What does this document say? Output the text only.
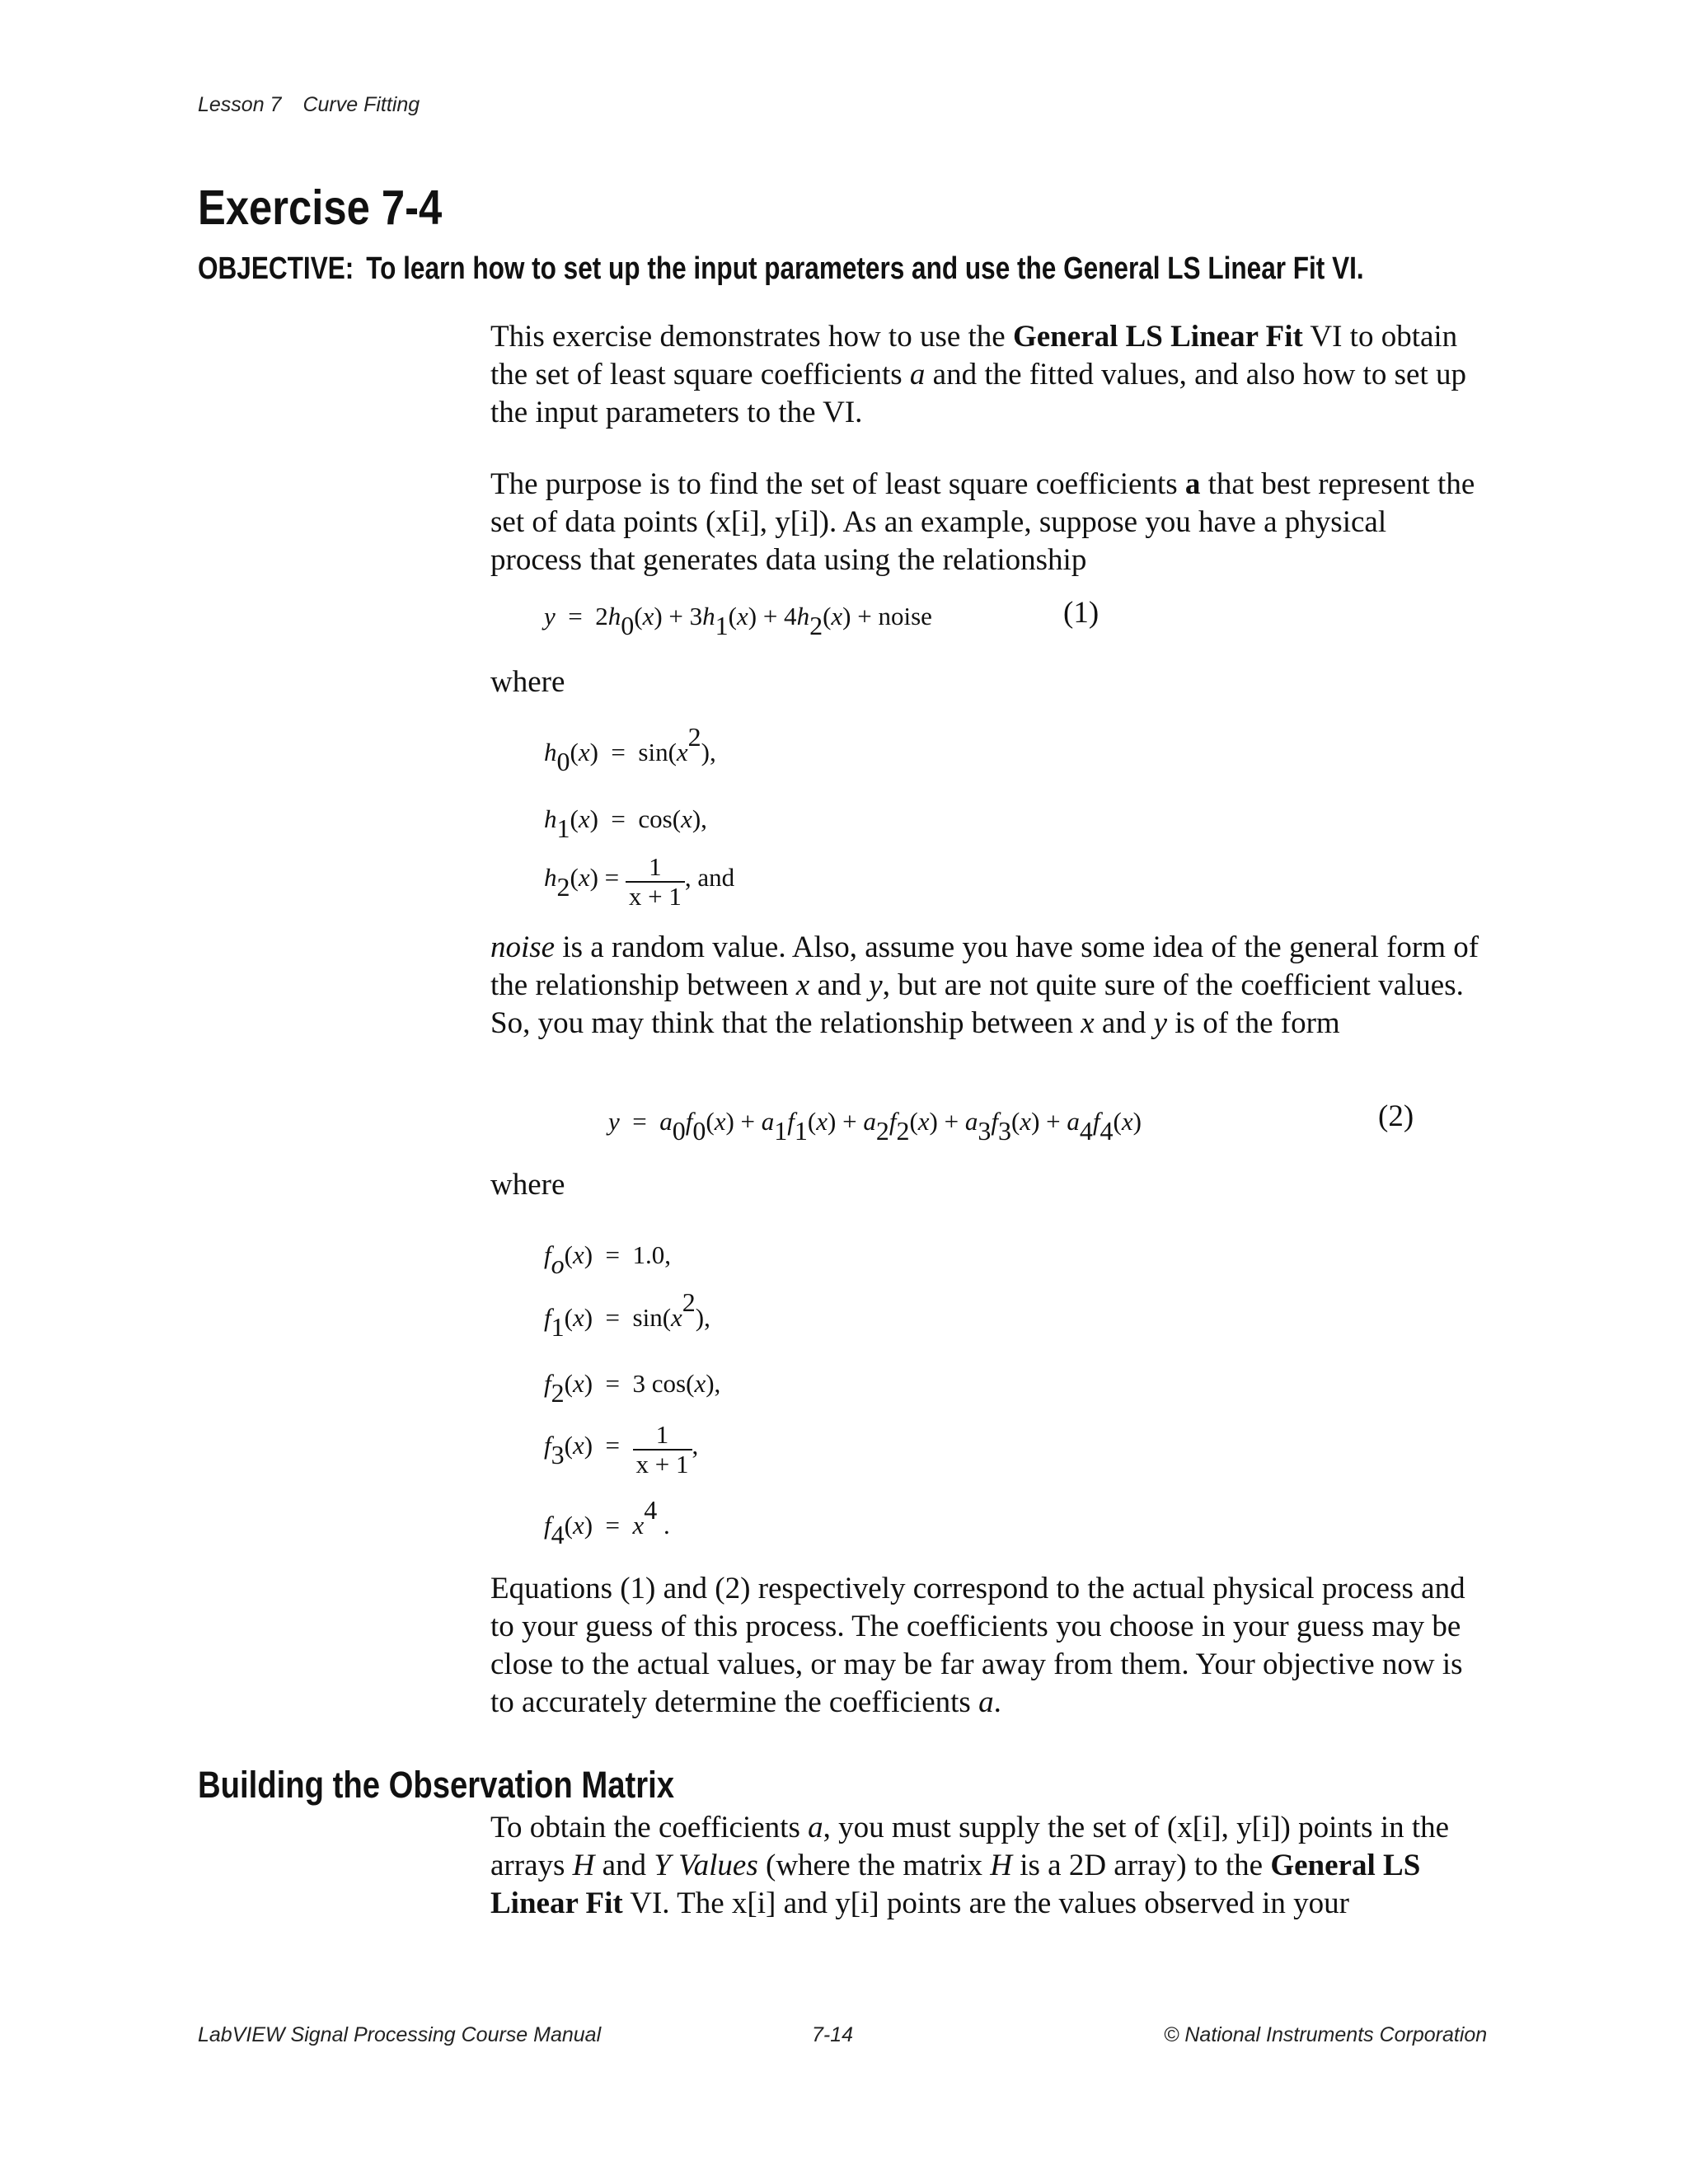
Lesson 7 Curve Fitting
Exercise 7-4
OBJECTIVE: To learn how to set up the input parameters and use the General LS Linear Fit VI.

This exercise demonstrates how to use the General LS Linear Fit VI to obtain the set of least square coefficients a and the fitted values, and also how to set up the input parameters to the VI.

The purpose is to find the set of least square coefficients a that best represent the set of data points (x[i], y[i]). As an example, suppose you have a physical process that generates data using the relationship

y = 2h0(x) + 3h1(x) + 4h2(x) + noise	(1)

where

h0(x)  =  sin(x2),
h1(x)  =  cos(x),
$h2(x) = \frac{1}{x + 1}$ , and

noise is a random value. Also, assume you have some idea of the general form of the relationship between x and y, but are not quite sure of the coefficient values. So, you may think that the relationship between x and y is of the form

y = a0f0(x) + a1f1(x) + a2f2(x) + a3f3(x) + a4f4(x)	(2)

where

fo(x)  =  1.0,
f1(x)  =  sin(x2),
f2(x)  =  3 cos(x),
$f3(x) = \frac{1}{x + 1}$ ,
f4(x)  =  x4 .

Equations (1) and (2) respectively correspond to the actual physical process and to your guess of this process. The coefficients you choose in your guess may be close to the actual values, or may be far away from them. Your objective now is to accurately determine the coefficients a.

Building the Observation Matrix

To obtain the coefficients a, you must supply the set of (x[i], y[i]) points in the arrays H and Y Values (where the matrix H is a 2D array) to the General LS Linear Fit VI. The x[i] and y[i] points are the values observed in your

LabVIEW Signal Processing Course Manual	7-14	© National Instruments Corporation
